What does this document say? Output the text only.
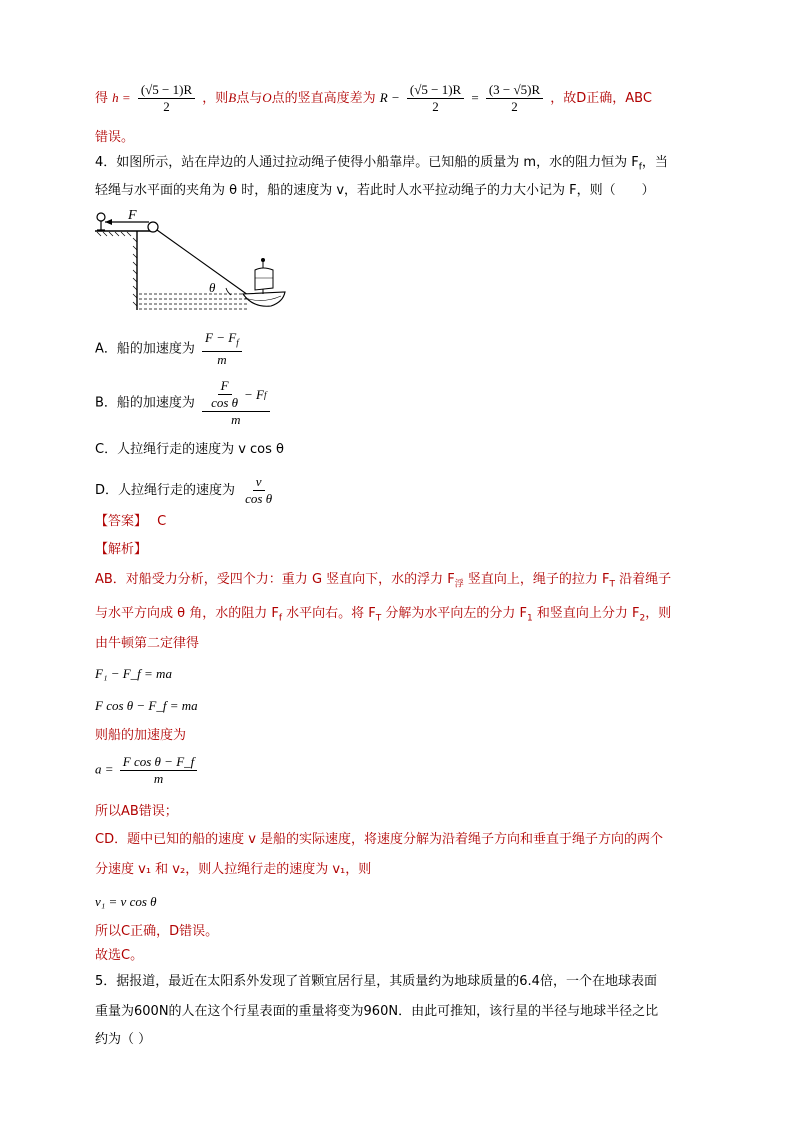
得 $h = \frac{(√5 - 1)R}{2}$ ，则B点与O点的竖直高度差为 $R - \frac{(√5 - 1)R}{2} = \frac{(3 - √5)R}{2}$ ，故D正确，ABC
错误。
4．如图所示，站在岸边的人通过拉动绳子使得小船靠岸。已知船的质量为 m，水的阻力恒为 $F_f$，当
轻绳与水平面的夹角为 θ 时，船的速度为 v，若此时人水平拉动绳子的力大小记为 F，则（　　）
F
θ
A．船的加速度为 $\frac{F - F_f}{m}$
B．船的加速度为 $\frac{\frac{F}{\text{cos θ}} - F f}{m}$
C．人拉绳行走的速度为 v cos θ
D．人拉绳行走的速度为 $\frac{v}{\text{cos θ}}$
【答案】 C
【解析】
AB．对船受力分析，受四个力：重力 G 竖直向下，水的浮力 $F_浮$ 竖直向上，绳子的拉力 $F_T$ 沿着绳子
与水平方向成 θ 角，水的阻力 $F_f$ 水平向右。将 $F_T$ 分解为水平向左的分力 $F_1$ 和竖直向上分力 $F_2$，则
由牛顿第二定律得
F₁ − F_f = ma
F cos θ − F_f = ma
则船的加速度为
$a = \frac{\text{F cos θ − F\_f}}{m}$
所以AB错误；
CD．题中已知的船的速度 v 是船的实际速度，将速度分解为沿着绳子方向和垂直于绳子方向的两个
分速度 v₁ 和 v₂，则人拉绳行走的速度为 v₁，则
v₁ = v cos θ
所以C正确，D错误。
故选C。
5．据报道，最近在太阳系外发现了首颗宜居行星，其质量约为地球质量的6.4倍，一个在地球表面
重量为600N的人在这个行星表面的重量将变为960N．由此可推知，该行星的半径与地球半径之比
约为（ ）
